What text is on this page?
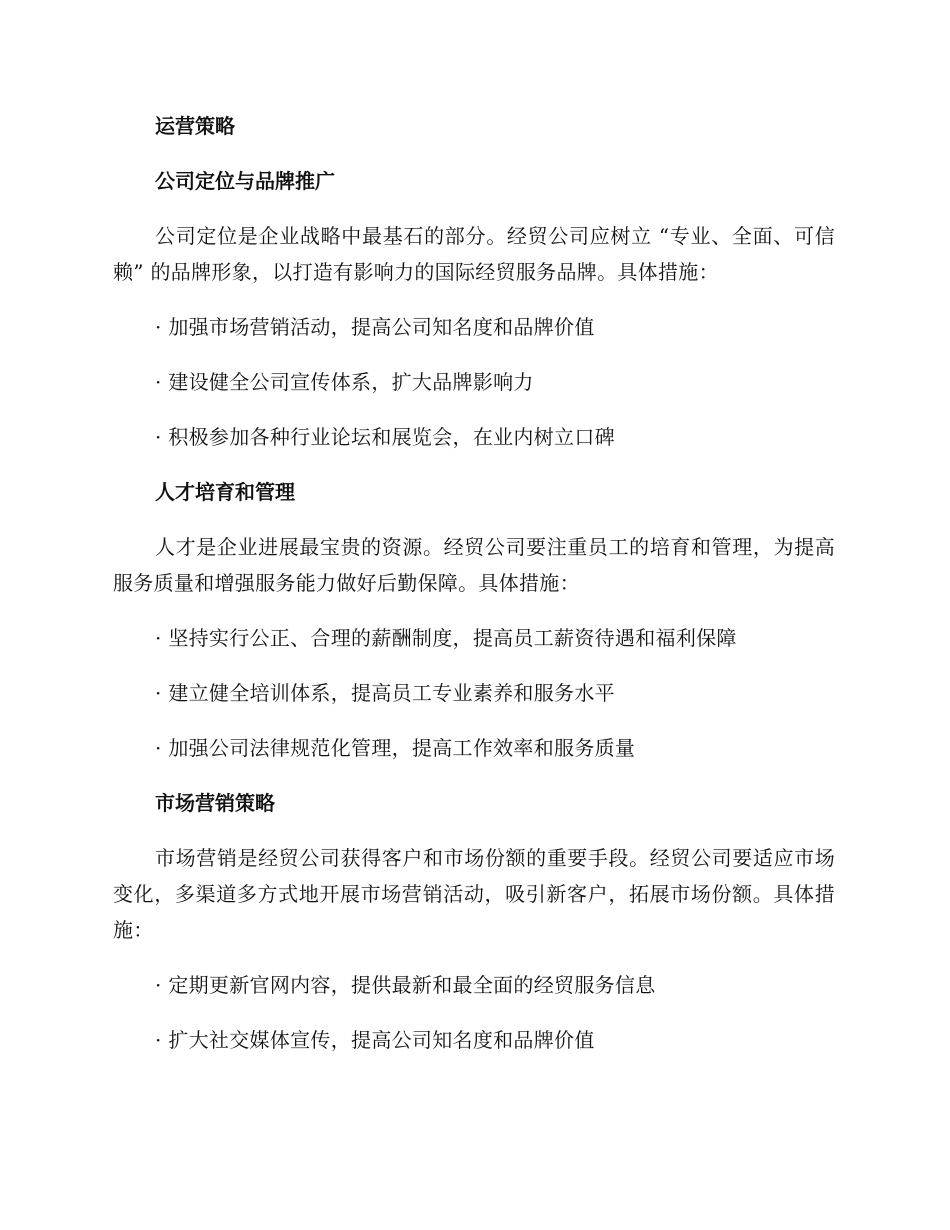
运营策略

公司定位与品牌推广

公司定位是企业战略中最基石的部分。经贸公司应树立 “专业、全面、可信赖” 的品牌形象，以打造有影响力的国际经贸服务品牌。具体措施：

· 加强市场营销活动，提高公司知名度和品牌价值

· 建设健全公司宣传体系，扩大品牌影响力

· 积极参加各种行业论坛和展览会，在业内树立口碑

人才培育和管理

人才是企业进展最宝贵的资源。经贸公司要注重员工的培育和管理，为提高服务质量和增强服务能力做好后勤保障。具体措施：

· 坚持实行公正、合理的薪酬制度，提高员工薪资待遇和福利保障

· 建立健全培训体系，提高员工专业素养和服务水平

· 加强公司法律规范化管理，提高工作效率和服务质量

市场营销策略

市场营销是经贸公司获得客户和市场份额的重要手段。经贸公司要适应市场变化，多渠道多方式地开展市场营销活动，吸引新客户，拓展市场份额。具体措施：

· 定期更新官网内容，提供最新和最全面的经贸服务信息

· 扩大社交媒体宣传，提高公司知名度和品牌价值
